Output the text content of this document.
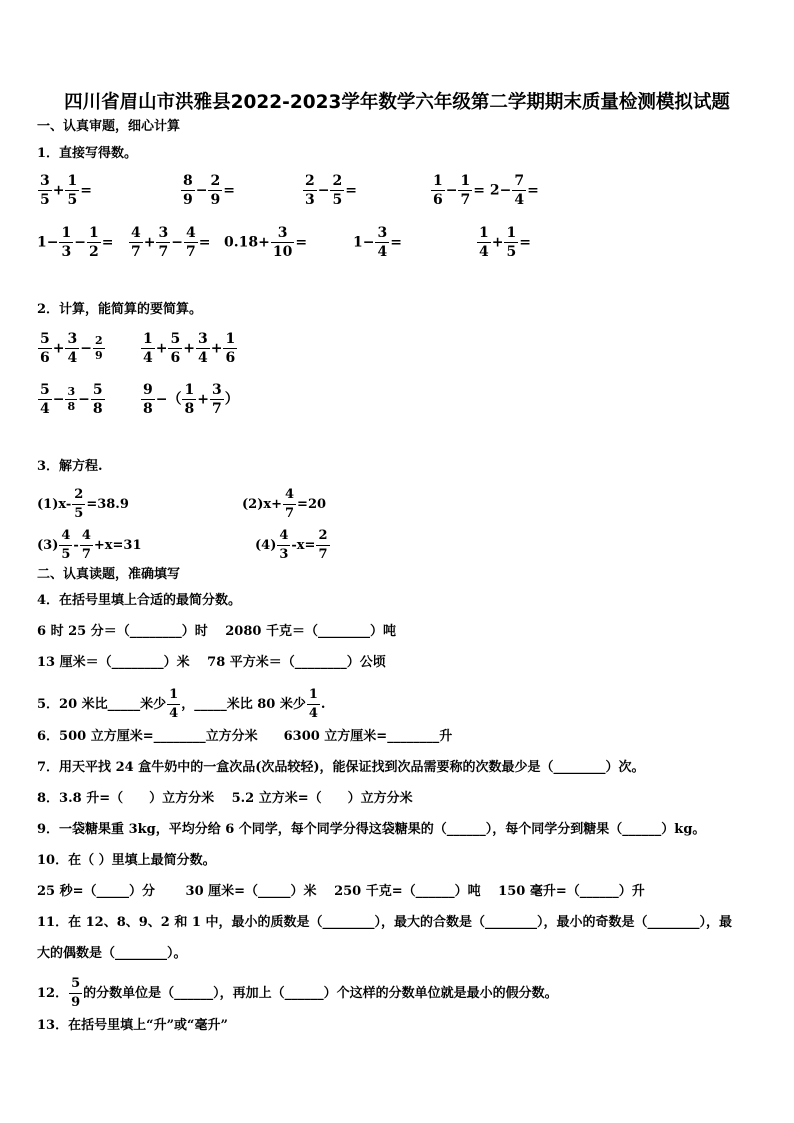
四川省眉山市洪雅县2022-2023学年数学六年级第二学期期末质量检测模拟试题
一、认真审题，细心计算
1．直接写得数。
$\frac{3}{5} + \frac{1}{5}$ =	$\frac{8}{9} - \frac{2}{9}$ =	$\frac{2}{3} - \frac{2}{5}$ =	$\frac{1}{6} - \frac{1}{7} = 2- \frac{7}{4}$ =
$1- \frac{1}{3} - \frac{1}{2} = \frac{4}{7} + \frac{3}{7} - \frac{4}{7} = 0.18+ \frac{3}{10}$ =	$1- \frac{3}{4}$ =	$\frac{1}{4} + \frac{1}{5}$ =
2．计算，能简算的要简算。
$\frac{5}{6} + \frac{3}{4} - \frac{2}{9}$	$\frac{1}{4} + \frac{5}{6} + \frac{3}{4} + \frac{1}{6}$
$\frac{5}{4} - \frac{3}{8} - \frac{5}{8}$	$\frac{9}{8}$ −（ $\frac{1}{8} + \frac{3}{7}$ ）
3．解方程.
$(1)x- \frac{2}{5} =38.9$	$(2)x+ \frac{4}{7} =20$
$(3) \frac{4}{5} - \frac{4}{7} +x=31$	$(4) \frac{4}{3} -x= \frac{2}{7}$
二、认真读题，准确填写
4．在括号里填上合适的最简分数。
6 时 25 分＝（________）时　 2080 千克＝（________）吨
13 厘米＝（________）米　 78 平方米＝（________）公顷
5．20 米比_____米少 $\frac{1}{4}$ ，_____米比 80 米少 $\frac{1}{4}$ .
6．500 立方厘米=________立方分米　　6300 立方厘米=________升
7．用天平找 24 盒牛奶中的一盒次品(次品较轻)，能保证找到次品需要称的次数最少是（________）次。
8．3.8 升=（　　）立方分米　 5.2 立方米=（　　）立方分米
9．一袋糖果重 3kg，平均分给 6 个同学，每个同学分得这袋糖果的（______），每个同学分到糖果（______）kg。
10．在（ ）里填上最简分数。
25 秒=（_____）分　　 30 厘米=（_____）米　 250 千克=（______）吨　 150 毫升=（______）升
11．在 12、8、9、2 和 1 中，最小的质数是（________），最大的合数是（________），最小的奇数是（________），最
大的偶数是（________）。
12． $\frac{5}{9}$ 的分数单位是（______），再加上（______）个这样的分数单位就是最小的假分数。
13．在括号里填上“升”或“毫升”
